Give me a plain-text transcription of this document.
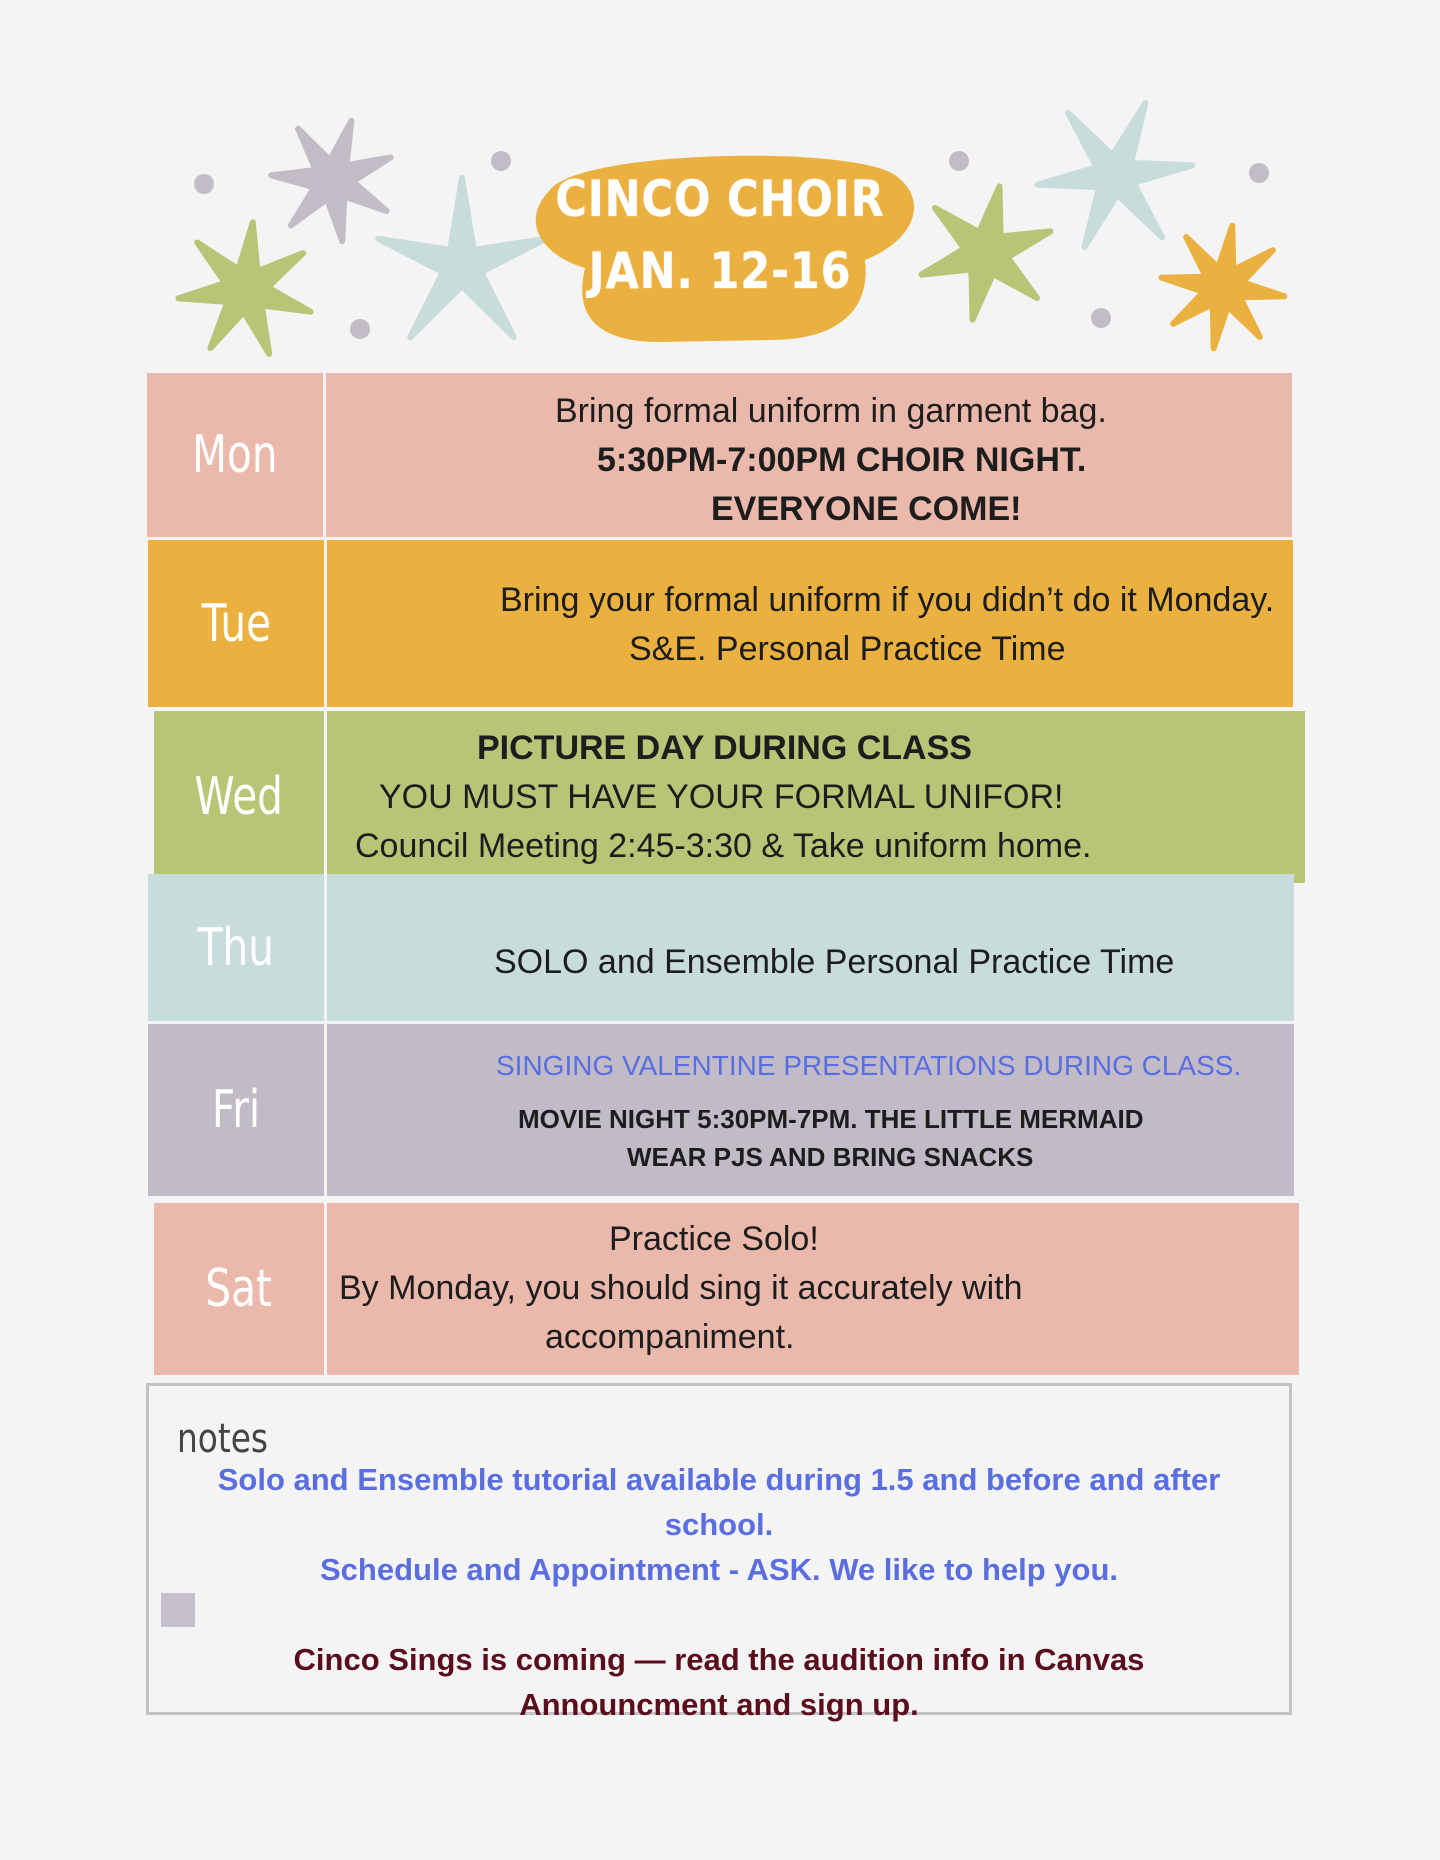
CINCO CHOIR
JAN. 12-16
Mon
Bring formal uniform in garment bag.
5:30PM-7:00PM CHOIR NIGHT.
EVERYONE COME!
Tue	Bring your formal uniform if you didn’t do it Monday.
S&E. Personal Practice Time
Wed
PICTURE DAY DURING CLASS
YOU MUST HAVE YOUR FORMAL UNIFOR!
Council Meeting 2:45-3:30 & Take uniform home.
Thu	SOLO and Ensemble Personal Practice Time
Fri
SINGING VALENTINE PRESENTATIONS DURING CLASS.
MOVIE NIGHT 5:30PM-7PM. THE LITTLE MERMAID
WEAR PJS AND BRING SNACKS
Sat
Practice Solo!
By Monday, you should sing it accurately with
accompaniment.
notes
Solo and Ensemble tutorial available during 1.5 and before and after
school.
Schedule and Appointment - ASK. We like to help you.
Cinco Sings is coming — read the audition info in Canvas
Announcment and sign up.
